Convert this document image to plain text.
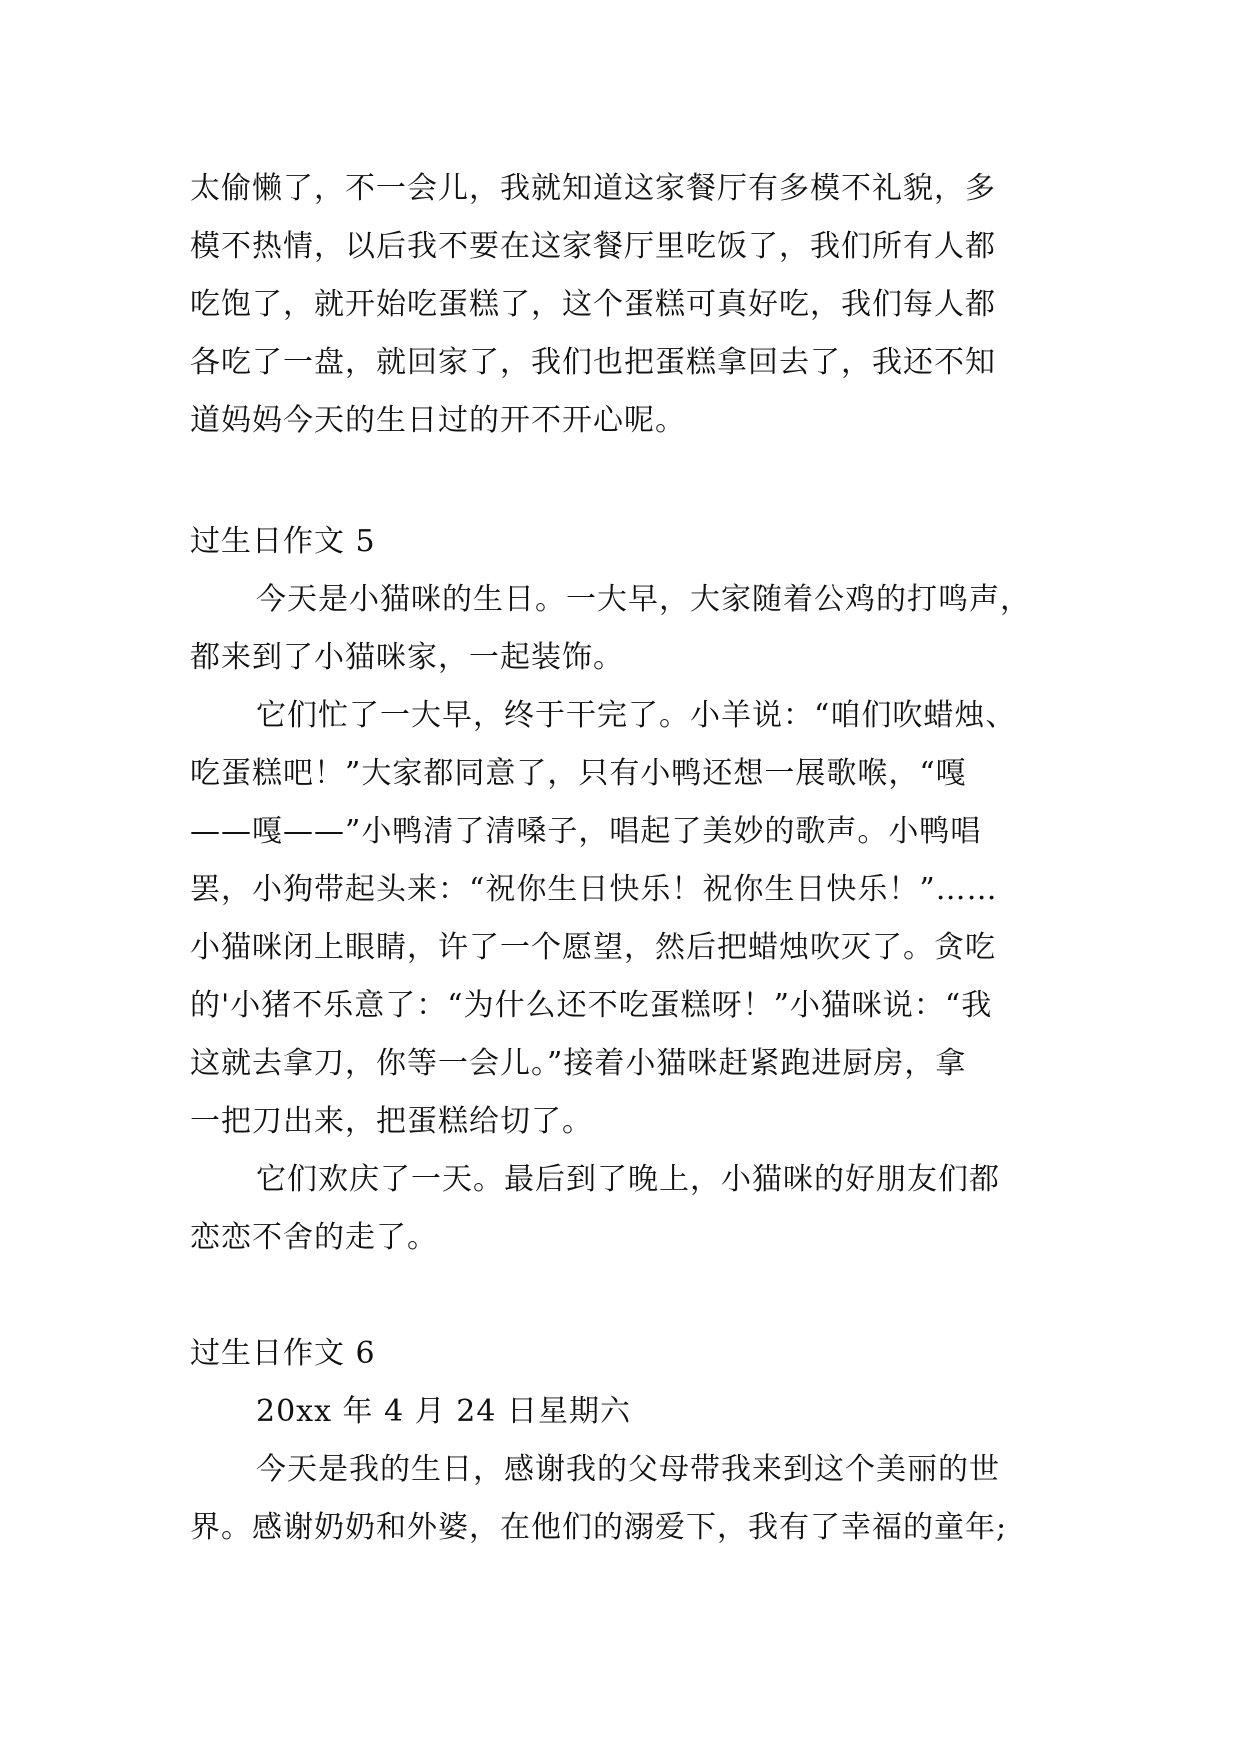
太偷懒了，不一会儿，我就知道这家餐厅有多模不礼貌，多
模不热情，以后我不要在这家餐厅里吃饭了，我们所有人都
吃饱了，就开始吃蛋糕了，这个蛋糕可真好吃，我们每人都
各吃了一盘，就回家了，我们也把蛋糕拿回去了，我还不知
道妈妈今天的生日过的开不开心呢。
过生日作文 5
今天是小猫咪的生日。一大早，大家随着公鸡的打鸣声，
都来到了小猫咪家，一起装饰。
它们忙了一大早，终于干完了。小羊说：“咱们吹蜡烛、
吃蛋糕吧！”大家都同意了，只有小鸭还想一展歌喉，“嘎
——嘎——”小鸭清了清嗓子，唱起了美妙的歌声。小鸭唱
罢，小狗带起头来：“祝你生日快乐！祝你生日快乐！”……
小猫咪闭上眼睛，许了一个愿望，然后把蜡烛吹灭了。贪吃
的'小猪不乐意了：“为什么还不吃蛋糕呀！”小猫咪说：“我
这就去拿刀，你等一会儿。”接着小猫咪赶紧跑进厨房，拿
一把刀出来，把蛋糕给切了。
它们欢庆了一天。最后到了晚上，小猫咪的好朋友们都
恋恋不舍的走了。
过生日作文 6
20xx 年 4 月 24 日星期六
今天是我的生日，感谢我的父母带我来到这个美丽的世
界。感谢奶奶和外婆，在他们的溺爱下，我有了幸福的童年;
